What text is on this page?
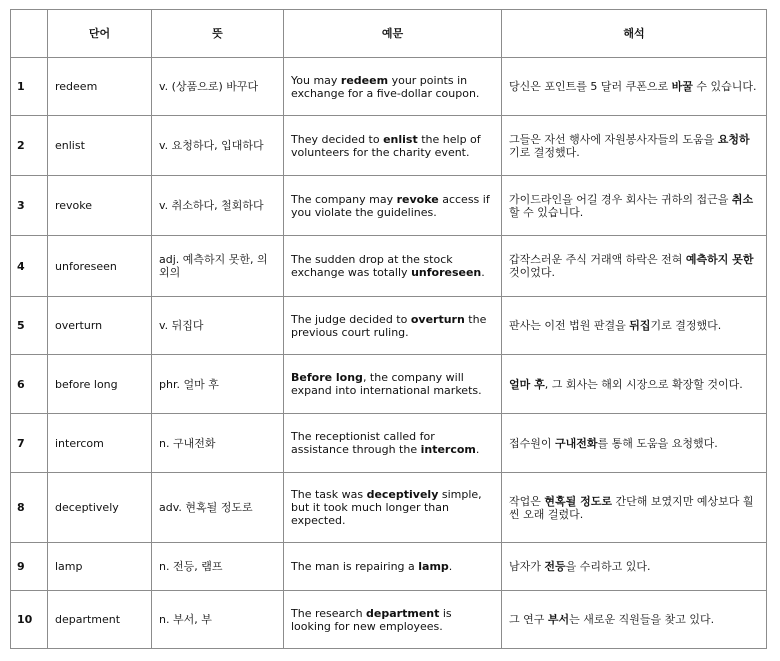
	단어	뜻	예문	해석
1	redeem	v. (상품으로) 바꾸다	You may redeem your points in exchange for a five-dollar coupon.	당신은 포인트를 5 달러 쿠폰으로 바꿀 수 있습니다.
2	enlist	v. 요청하다, 입대하다	They decided to enlist the help of volunteers for the charity event.	그들은 자선 행사에 자원봉사자들의 도움을 요청하기로 결정했다.
3	revoke	v. 취소하다, 철회하다	The company may revoke access if you violate the guidelines.	가이드라인을 어길 경우 회사는 귀하의 접근을 취소할 수 있습니다.
4	unforeseen	adj. 예측하지 못한, 의외의	The sudden drop at the stock exchange was totally unforeseen.	갑작스러운 주식 거래액 하락은 전혀 예측하지 못한 것이었다.
5	overturn	v. 뒤집다	The judge decided to overturn the previous court ruling.	판사는 이전 법원 판결을 뒤집기로 결정했다.
6	before long	phr. 얼마 후	Before long, the company will expand into international markets.	얼마 후, 그 회사는 해외 시장으로 확장할 것이다.
7	intercom	n. 구내전화	The receptionist called for assistance through the intercom.	접수원이 구내전화를 통해 도움을 요청했다.
8	deceptively	adv. 현혹될 정도로	The task was deceptively simple, but it took much longer than expected.	작업은 현혹될 정도로 간단해 보였지만 예상보다 훨씬 오래 걸렸다.
9	lamp	n. 전등, 램프	The man is repairing a lamp.	남자가 전등을 수리하고 있다.
10	department	n. 부서, 부	The research department is looking for new employees.	그 연구 부서는 새로운 직원들을 찾고 있다.
